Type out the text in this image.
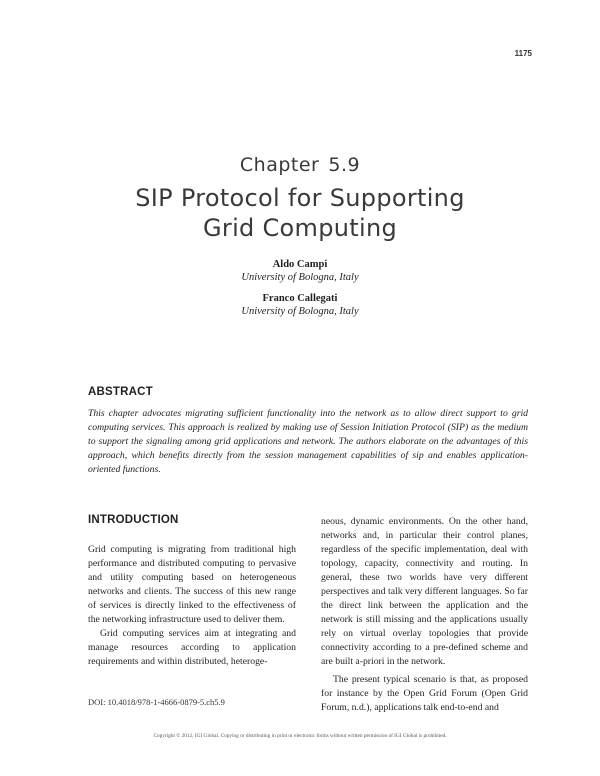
1175
Chapter 5.9
SIP Protocol for Supporting
Grid Computing
Aldo Campi
University of Bologna, Italy
Franco Callegati
University of Bologna, Italy
ABSTRACT
This chapter advocates migrating sufficient functionality into the network as to allow direct support to grid computing services. This approach is realized by making use of Session Initiation Protocol (SIP) as the medium to support the signaling among grid applications and network. The authors elaborate on the advantages of this approach, which benefits directly from the session management capabilities of sip and enables application-oriented functions.
INTRODUCTION

Grid computing is migrating from traditional high performance and distributed computing to pervasive and utility computing based on heterogeneous networks and clients. The success of this new range of services is directly linked to the effectiveness of the networking infrastructure used to deliver them.

Grid computing services aim at integrating and manage resources according to application requirements and within distributed, heteroge-

neous, dynamic environments. On the other hand, networks and, in particular their control planes, regardless of the specific implementation, deal with topology, capacity, connectivity and routing. In general, these two worlds have very different perspectives and talk very different languages. So far the direct link between the application and the network is still missing and the applications usually rely on virtual overlay topologies that provide connectivity according to a pre-defined scheme and are built a-priori in the network.

The present typical scenario is that, as proposed for instance by the Open Grid Forum (Open Grid Forum, n.d.), applications talk end-to-end and

DOI: 10.4018/978-1-4666-0879-5.ch5.9
Copyright © 2012, IGI Global. Copying or distributing in print or electronic forms without written permission of IGI Global is prohibited.
